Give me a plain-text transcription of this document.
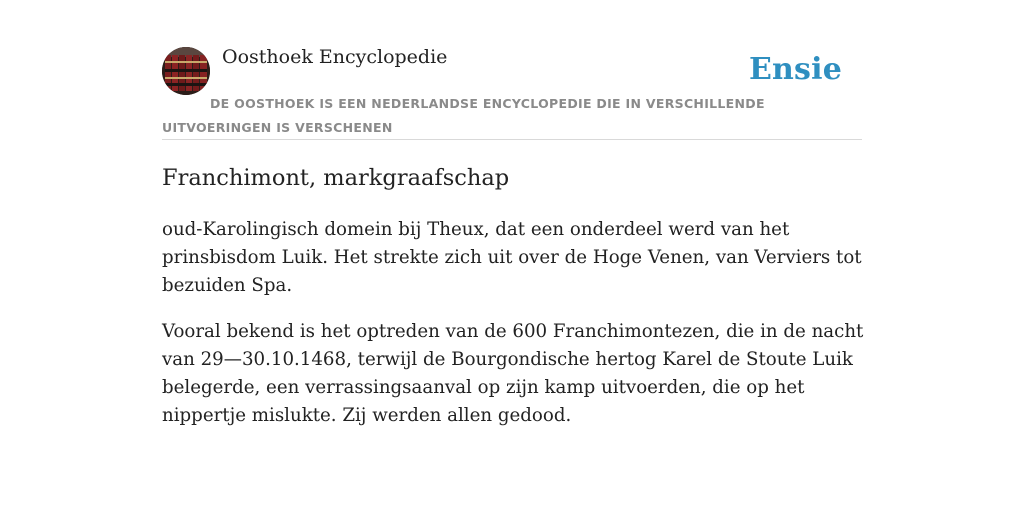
Oosthoek Encyclopedie	Ensie
DE OOSTHOEK IS EEN NEDERLANDSE ENCYCLOPEDIE DIE IN VERSCHILLENDE UITVOERINGEN IS VERSCHENEN
Franchimont, markgraafschap

oud-Karolingisch domein bij Theux, dat een onderdeel werd van het prinsbisdom Luik. Het strekte zich uit over de Hoge Venen, van Verviers tot bezuiden Spa.

Vooral bekend is het optreden van de 600 Franchimontezen, die in de nacht van 29—30.10.1468, terwijl de Bourgondische hertog Karel de Stoute Luik belegerde, een verrassingsaanval op zijn kamp uitvoerden, die op het nippertje mislukte. Zij werden allen gedood.
